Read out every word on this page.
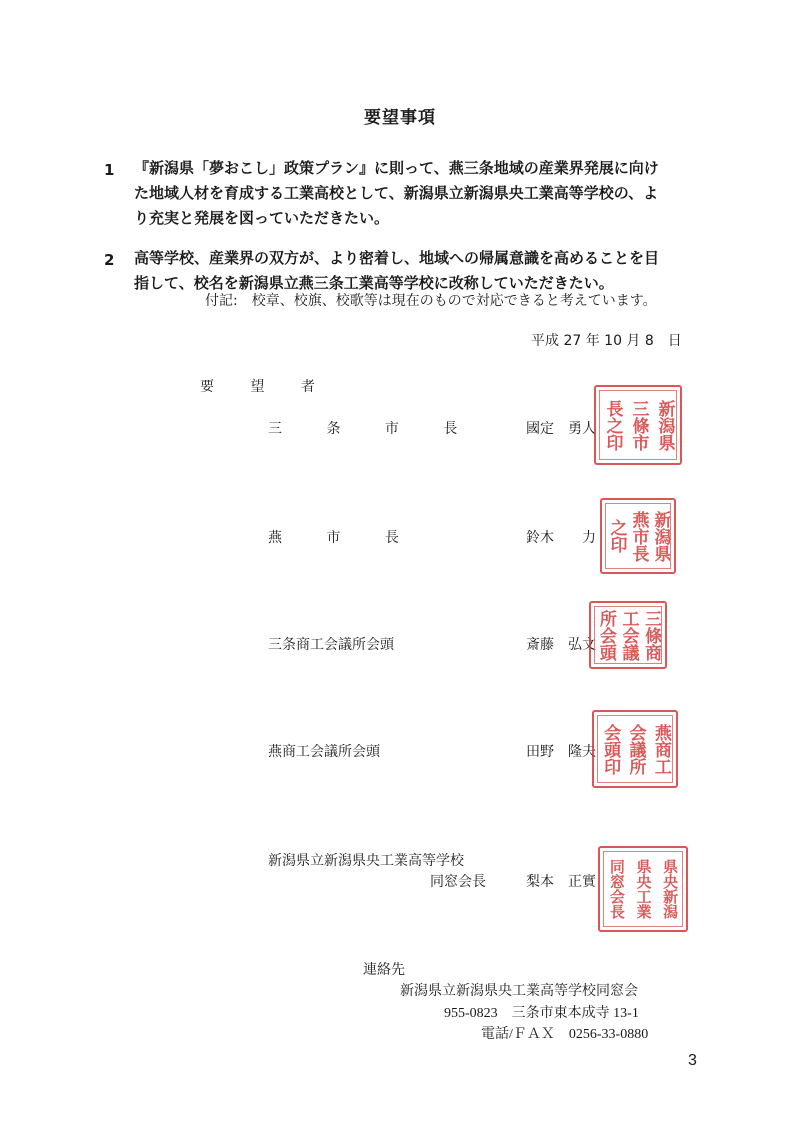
要望事項
1 『新潟県「夢おこし」政策プラン』に則って、燕三条地域の産業界発展に向け
た地域人材を育成する工業高校として、新潟県立新潟県央工業高等学校の、よ
り充実と発展を図っていただきたい。
2 高等学校、産業界の双方が、より密着し、地域への帰属意識を高めることを目
指して、校名を新潟県立燕三条工業高等学校に改称していただきたい。
付記:　校章、校旗、校歌等は現在のもので対応できると考えています。
平成 27 年 10 月 8　日
要 望 者
三 条 市 長	國定　勇人 長之印 三條市 新潟県
燕 市 長	鈴木　　力 之印 燕市長 新潟県
三条商工会議所会頭	斎藤　弘文 所会頭 工会議 三條商
燕商工会議所会頭	田野　隆夫 会頭印 会議所 燕商工
新潟県立新潟県央工業高等学校
同窓会長	梨本　正實 同窓会長 県央工業 県央新潟
連絡先
新潟県立新潟県央工業高等学校同窓会
955-0823　三条市東本成寺 13-1
電話/ＦＡＸ　0256-33-0880
3
